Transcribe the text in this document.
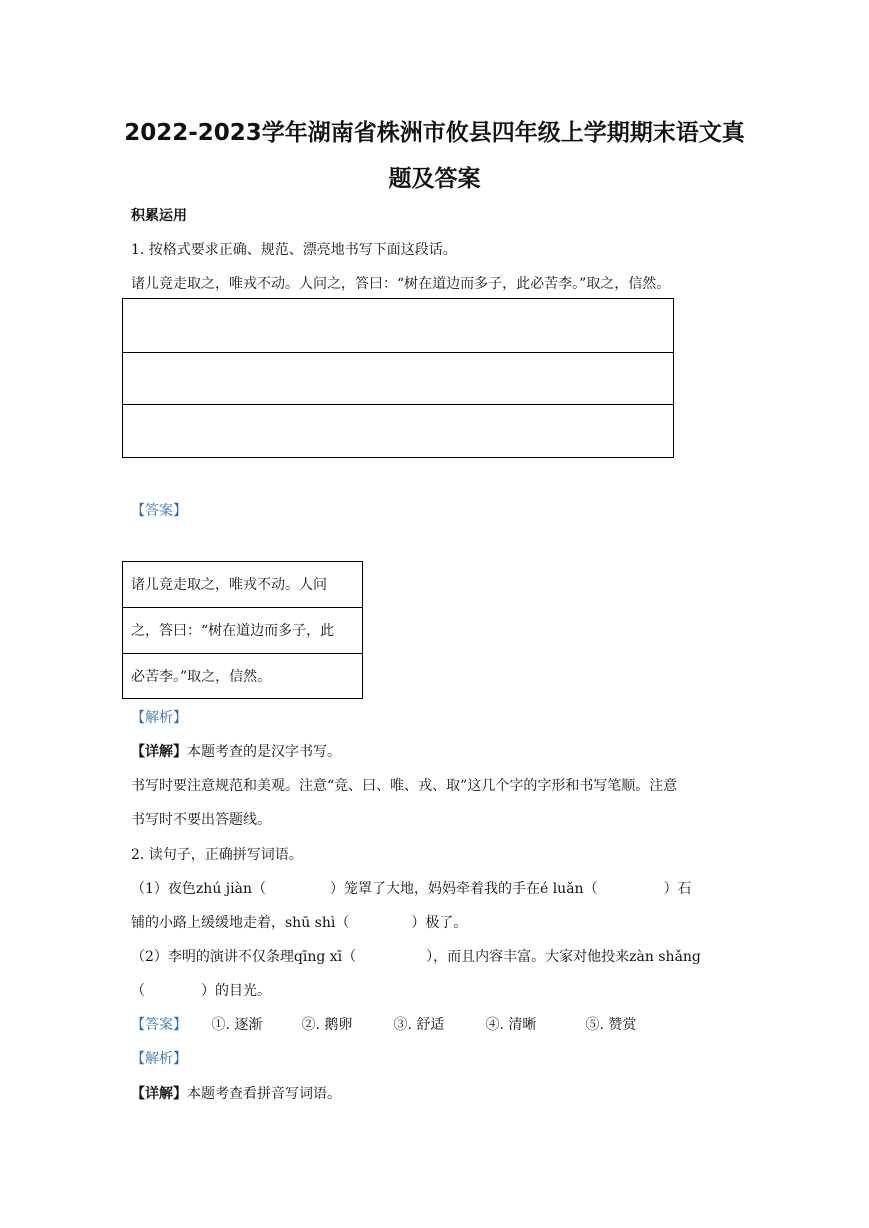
2022-2023学年湖南省株洲市攸县四年级上学期期末语文真
题及答案
积累运用
1. 按格式要求正确、规范、漂亮地书写下面这段话。
诸儿竞走取之，唯戎不动。人问之，答曰：“树在道边而多子，此必苦李。”取之，信然。
【答案】
诸儿竞走取之，唯戎不动。人问
之，答曰：“树在道边而多子，此
必苦李。”取之，信然。
【解析】
【详解】本题考查的是汉字书写。
书写时要注意规范和美观。注意“竞、曰、唯、戎、取”这几个字的字形和书写笔顺。注意
书写时不要出答题线。
2. 读句子，正确拼写词语。
（1）夜色zhú jiàn（	）笼罩了大地，妈妈牵着我的手在é luǎn（	）石
铺的小路上缓缓地走着，shū shì（	）极了。
（2）李明的演讲不仅条理qīng xī（	），而且内容丰富。大家对他投来zàn shǎng
（	）的目光。
【答案】 ①. 逐渐	②. 鹅卵	③. 舒适	④. 清晰	⑤. 赞赏
【解析】
【详解】本题考查看拼音写词语。
